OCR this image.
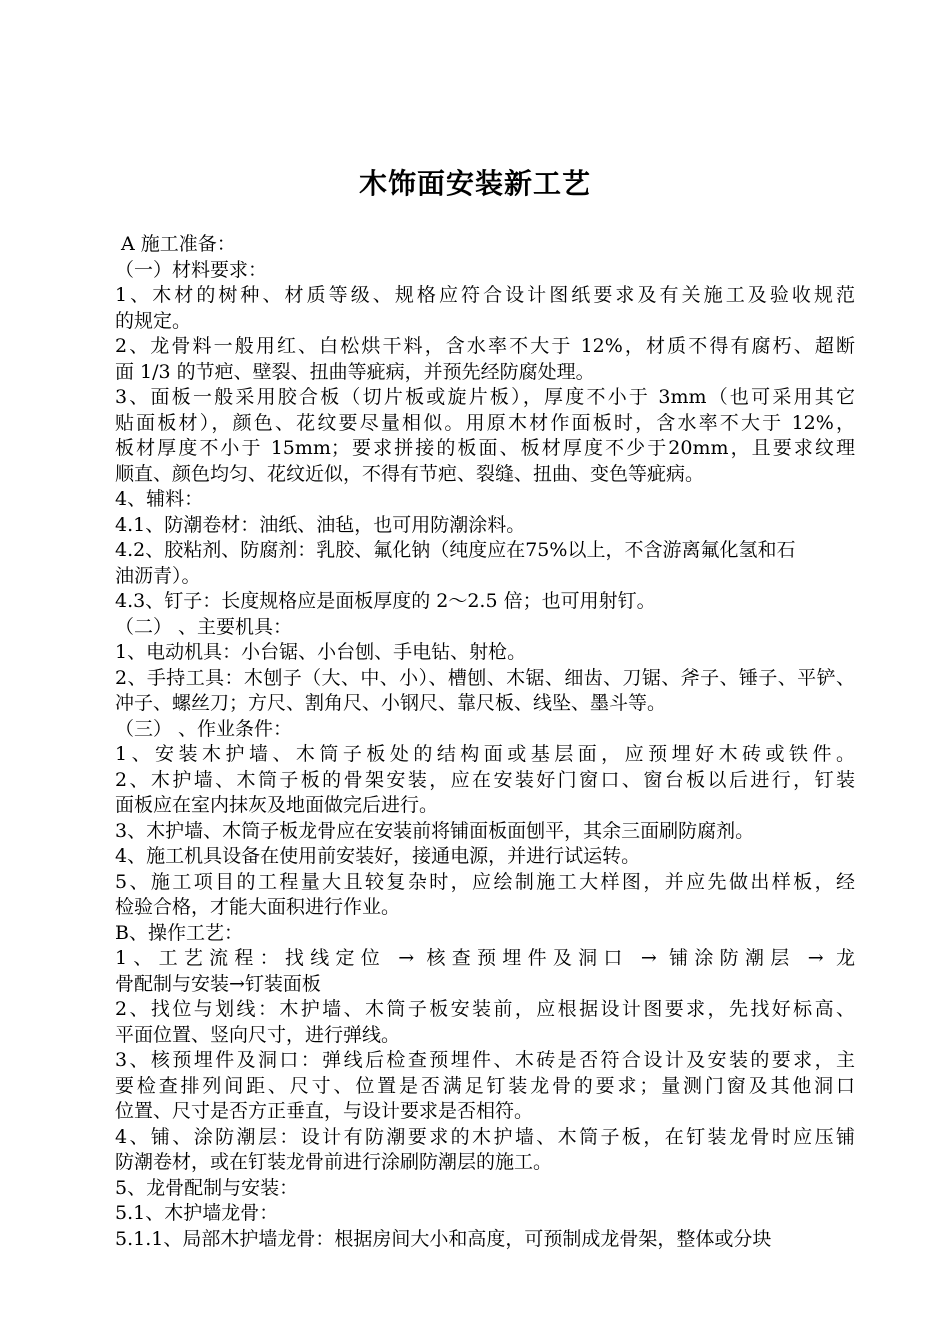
木饰面安装新工艺
A 施工准备：
（一）材料要求：
1、木材的树种、材质等级、规格应符合设计图纸要求及有关施工及验收规范
的规定。
2、龙骨料一般用红、白松烘干料，含水率不大于 12%，材质不得有腐朽、超断
面 1/3 的节疤、壁裂、扭曲等疵病，并预先经防腐处理。
3、面板一般采用胶合板（切片板或旋片板），厚度不小于 3mm（也可采用其它
贴面板材），颜色、花纹要尽量相似。用原木材作面板时，含水率不大于 12%，
板材厚度不小于 15mm；要求拼接的板面、板材厚度不少于20mm，且要求纹理
顺直、颜色均匀、花纹近似，不得有节疤、裂缝、扭曲、变色等疵病。
4、辅料：
4.1、防潮卷材：油纸、油毡，也可用防潮涂料。
4.2、胶粘剂、防腐剂：乳胶、氟化钠（纯度应在75%以上，不含游离氟化氢和石
油沥青）。
4.3、钉子：长度规格应是面板厚度的 2～2.5 倍；也可用射钉。
（二） 、主要机具：
1、电动机具：小台锯、小台刨、手电钻、射枪。
2、手持工具：木刨子（大、中、小）、槽刨、木锯、细齿、刀锯、斧子、锤子、平铲、
冲子、螺丝刀；方尺、割角尺、小钢尺、靠尺板、线坠、墨斗等。
（三） 、作业条件：
1、安装木护墙、木筒子板处的结构面或基层面，应预埋好木砖或铁件。
2、木护墙、木筒子板的骨架安装，应在安装好门窗口、窗台板以后进行，钉装
面板应在室内抹灰及地面做完后进行。
3、木护墙、木筒子板龙骨应在安装前将铺面板面刨平，其余三面刷防腐剂。
4、施工机具设备在使用前安装好，接通电源，并进行试运转。
5、施工项目的工程量大且较复杂时，应绘制施工大样图，并应先做出样板，经
检验合格，才能大面积进行作业。
B、操作工艺：
1、工艺流程：找线定位 → 核查预埋件及洞口 → 铺涂防潮层 → 龙
骨配制与安装→钉装面板
2、找位与划线：木护墙、木筒子板安装前，应根据设计图要求，先找好标高、
平面位置、竖向尺寸，进行弹线。
3、核预埋件及洞口：弹线后检查预埋件、木砖是否符合设计及安装的要求，主
要检查排列间距、尺寸、位置是否满足钉装龙骨的要求；量测门窗及其他洞口
位置、尺寸是否方正垂直，与设计要求是否相符。
4、铺、涂防潮层：设计有防潮要求的木护墙、木筒子板，在钉装龙骨时应压铺
防潮卷材，或在钉装龙骨前进行涂刷防潮层的施工。
5、龙骨配制与安装：
5.1、木护墙龙骨：
5.1.1、局部木护墙龙骨：根据房间大小和高度，可预制成龙骨架，整体或分块
